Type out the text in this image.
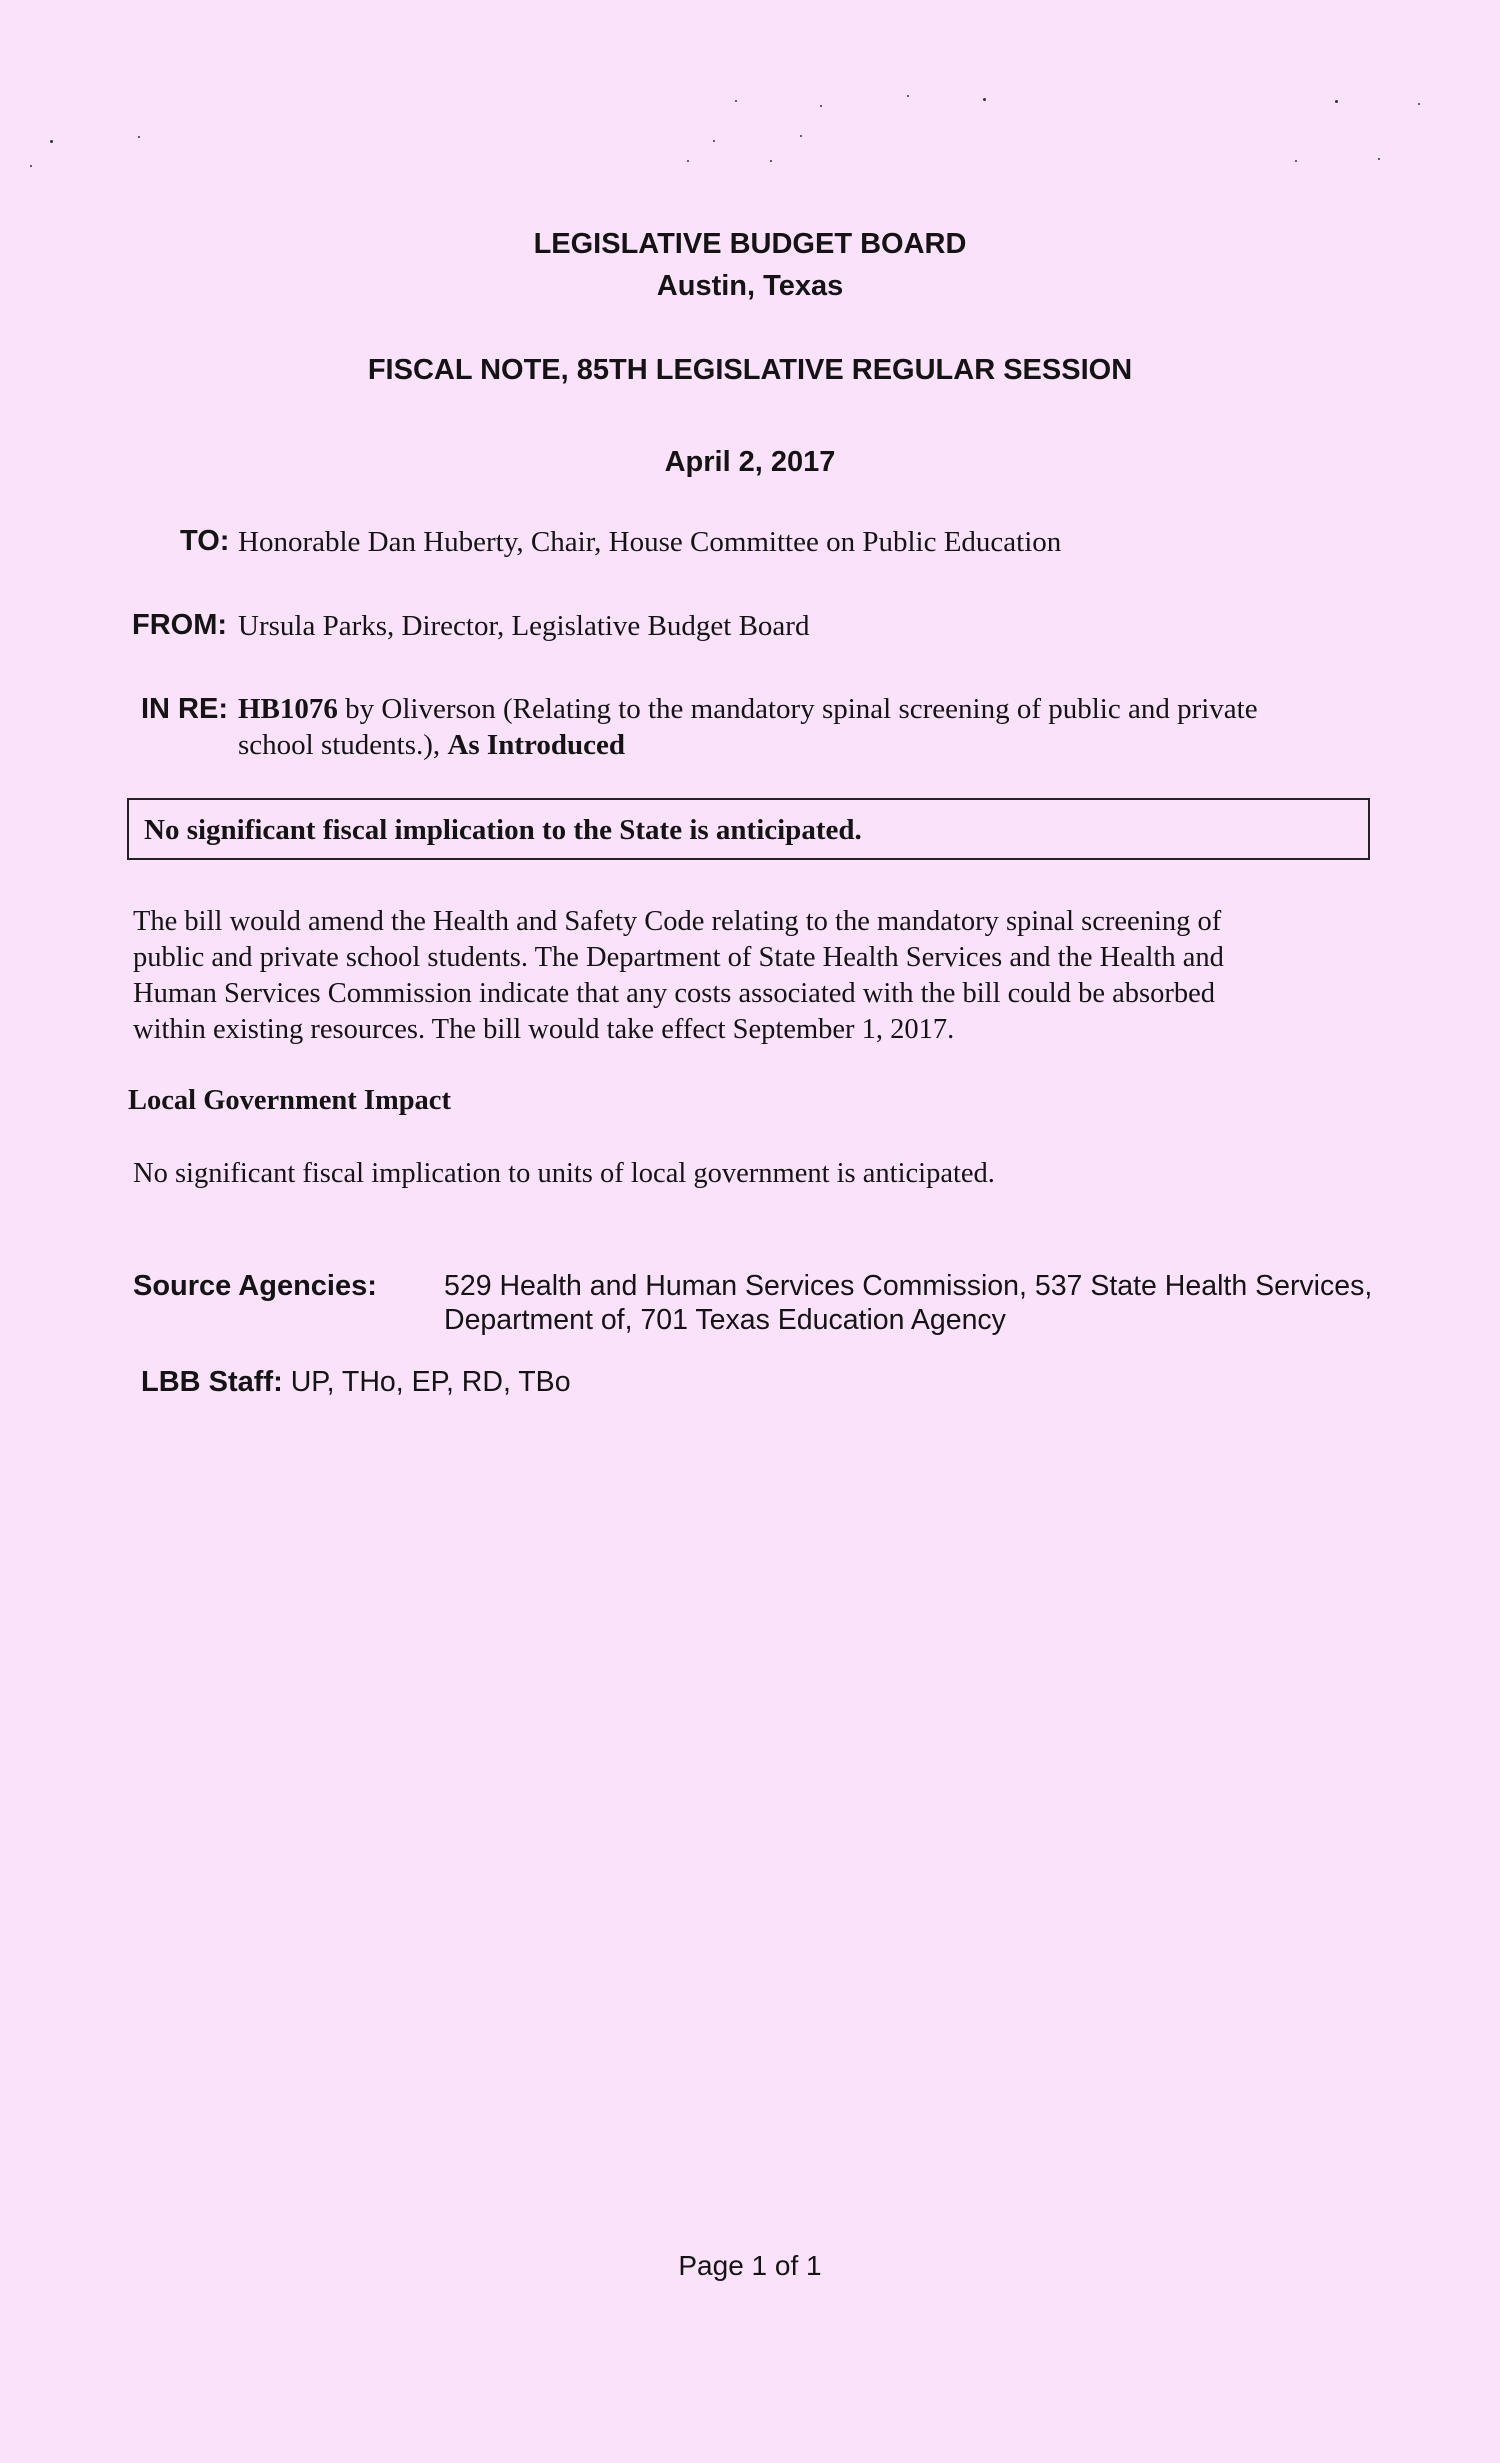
LEGISLATIVE BUDGET BOARD
Austin, Texas
FISCAL NOTE, 85TH LEGISLATIVE REGULAR SESSION
April 2, 2017
TO: Honorable Dan Huberty, Chair, House Committee on Public Education
FROM: Ursula Parks, Director, Legislative Budget Board
IN RE: HB1076 by Oliverson (Relating to the mandatory spinal screening of public and private
school students.), As Introduced
No significant fiscal implication to the State is anticipated.
The bill would amend the Health and Safety Code relating to the mandatory spinal screening of
public and private school students. The Department of State Health Services and the Health and
Human Services Commission indicate that any costs associated with the bill could be absorbed
within existing resources. The bill would take effect September 1, 2017.
Local Government Impact
No significant fiscal implication to units of local government is anticipated.
Source Agencies: 529 Health and Human Services Commission, 537 State Health Services,
Department of, 701 Texas Education Agency

LBB Staff: UP, THo, EP, RD, TBo

Page 1 of 1
